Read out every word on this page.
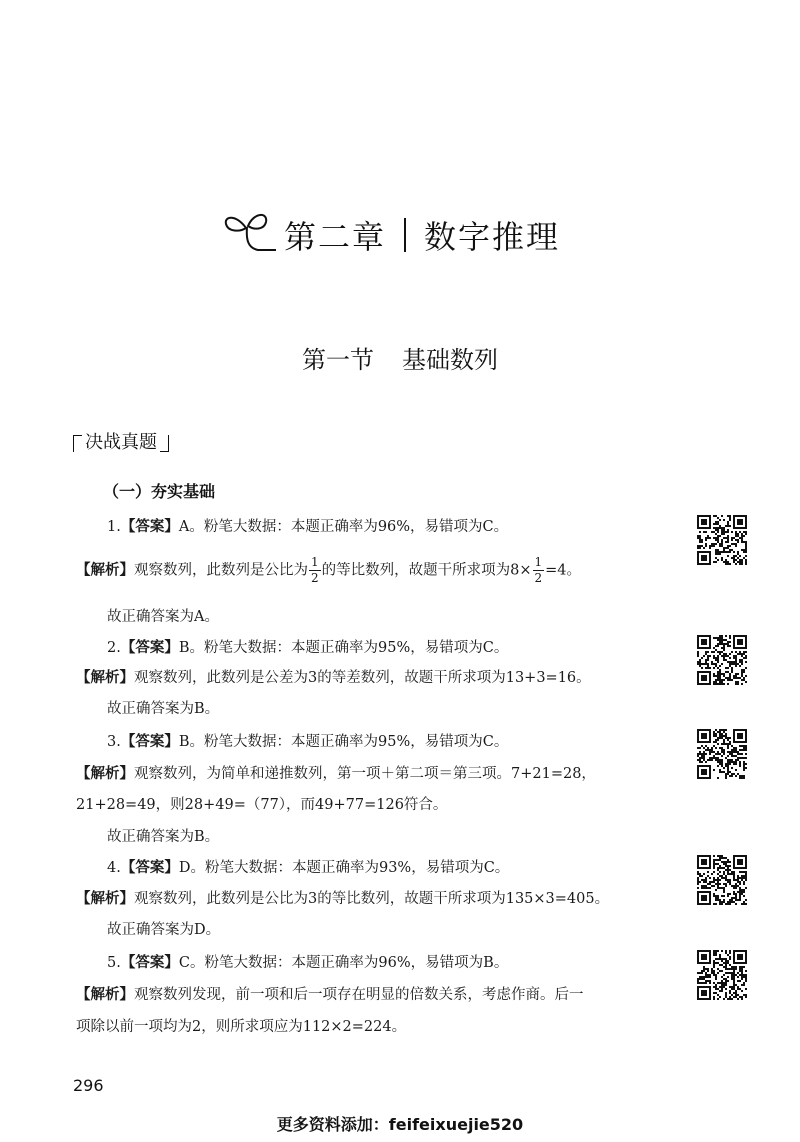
第二章 数字推理
第一节 基础数列
决战真题
（一）夯实基础
1.【答案】A。粉笔大数据：本题正确率为96%，易错项为C。
【解析】观察数列，此数列是公比为 $\frac{1}{2}$ 的等比数列，故题干所求项为$8\times \frac{1}{2} =4$。
故正确答案为A。
2.【答案】B。粉笔大数据：本题正确率为95%，易错项为C。
【解析】观察数列，此数列是公差为3的等差数列，故题干所求项为13+3=16。
故正确答案为B。
3.【答案】B。粉笔大数据：本题正确率为95%，易错项为C。
【解析】观察数列，为简单和递推数列，第一项＋第二项＝第三项。7+21=28，
21+28=49，则28+49=（77），而49+77=126符合。
故正确答案为B。
4.【答案】D。粉笔大数据：本题正确率为93%，易错项为C。
【解析】观察数列，此数列是公比为3的等比数列，故题干所求项为135×3=405。
故正确答案为D。
5.【答案】C。粉笔大数据：本题正确率为96%，易错项为B。
【解析】观察数列发现，前一项和后一项存在明显的倍数关系，考虑作商。后一
项除以前一项均为2，则所求项应为112×2=224。
296
更多资料添加：feifeixuejie520
